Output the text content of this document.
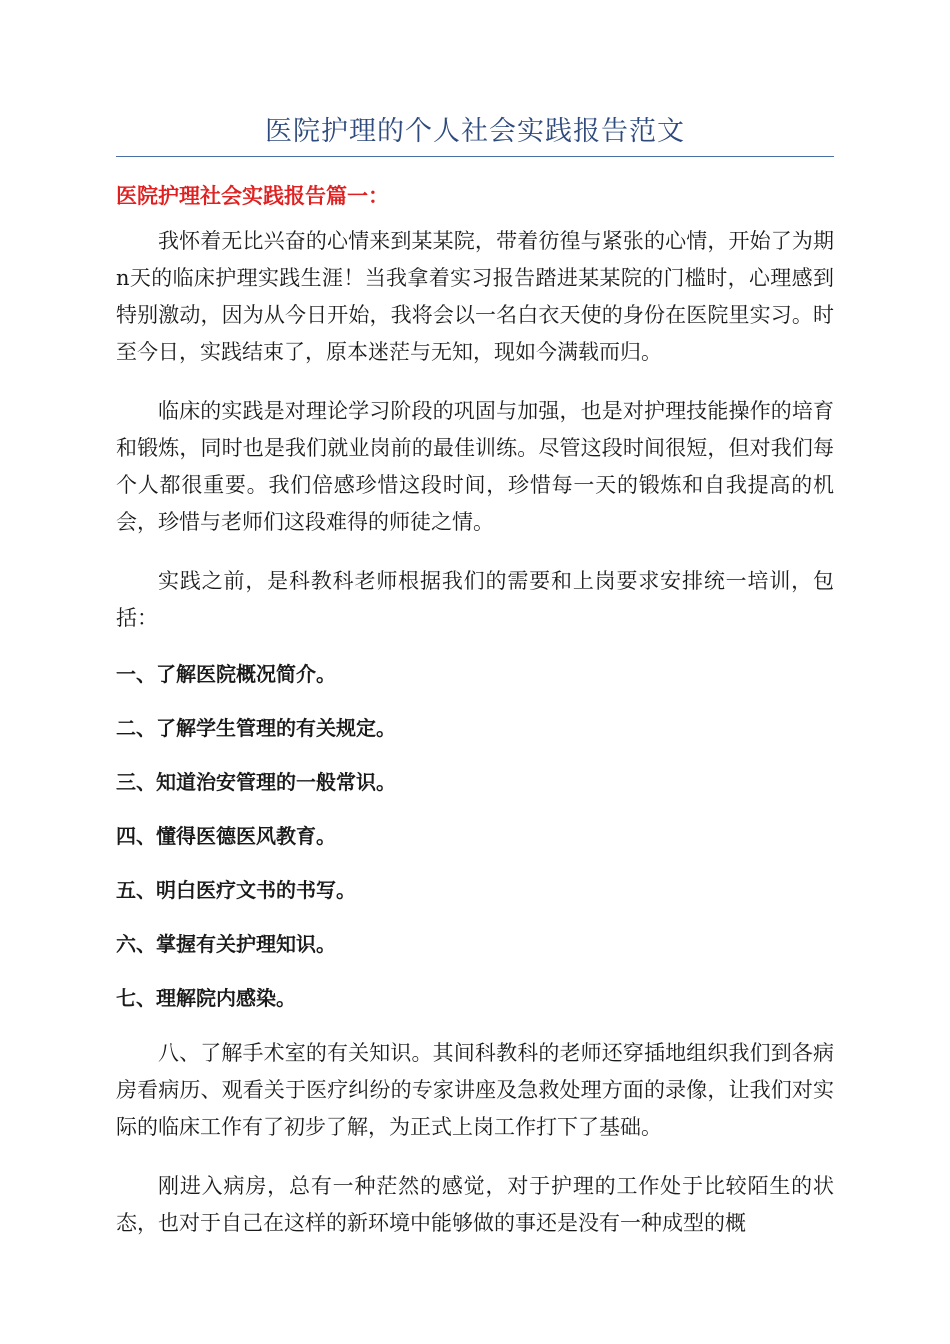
医院护理的个人社会实践报告范文
医院护理社会实践报告篇一：

我怀着无比兴奋的心情来到某某院，带着彷徨与紧张的心情，开始了为期n天的临床护理实践生涯！当我拿着实习报告踏进某某院的门槛时，心理感到特别激动，因为从今日开始，我将会以一名白衣天使的身份在医院里实习。时至今日，实践结束了，原本迷茫与无知，现如今满载而归。

临床的实践是对理论学习阶段的巩固与加强，也是对护理技能操作的培育和锻炼，同时也是我们就业岗前的最佳训练。尽管这段时间很短，但对我们每个人都很重要。我们倍感珍惜这段时间，珍惜每一天的锻炼和自我提高的机会，珍惜与老师们这段难得的师徒之情。

实践之前，是科教科老师根据我们的需要和上岗要求安排统一培训，包括：

一、了解医院概况简介。
二、了解学生管理的有关规定。
三、知道治安管理的一般常识。
四、懂得医德医风教育。
五、明白医疗文书的书写。
六、掌握有关护理知识。
七、理解院内感染。

八、了解手术室的有关知识。其间科教科的老师还穿插地组织我们到各病房看病历、观看关于医疗纠纷的专家讲座及急救处理方面的录像，让我们对实际的临床工作有了初步了解，为正式上岗工作打下了基础。

刚进入病房，总有一种茫然的感觉，对于护理的工作处于比较陌生的状态，也对于自己在这样的新环境中能够做的事还是没有一种成型的概
